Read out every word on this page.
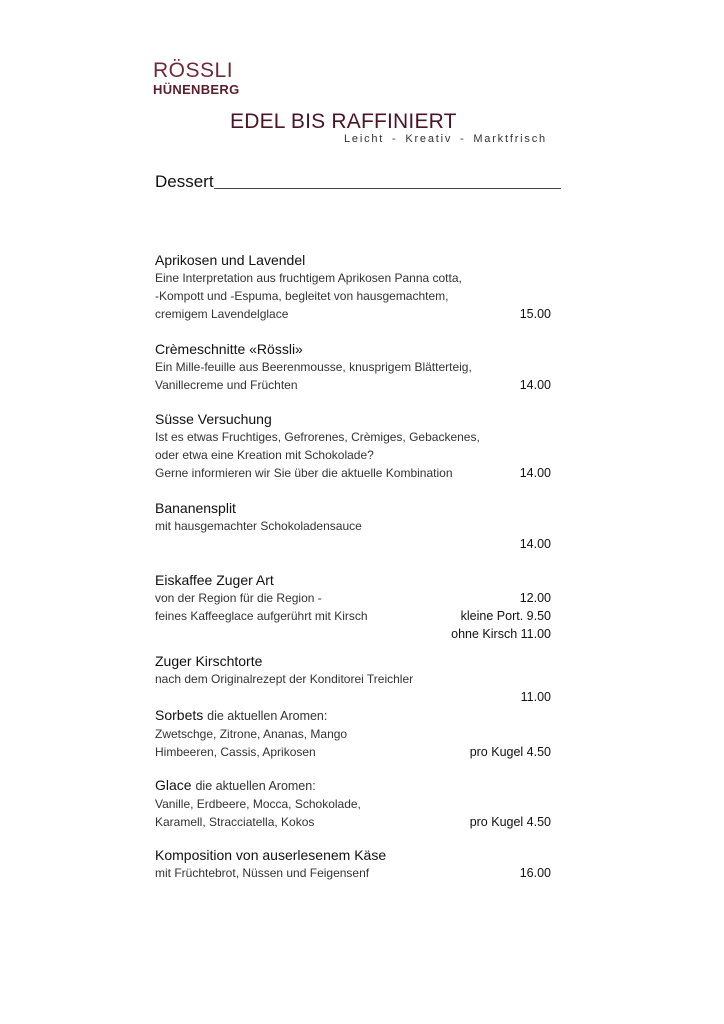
RÖSSLI
HÜNENBERG
EDEL BIS RAFFINIERT
Leicht - Kreativ - Marktfrisch
Dessert
Aprikosen und Lavendel
Eine Interpretation aus fruchtigem Aprikosen Panna cotta,
-Kompott und -Espuma, begleitet von hausgemachtem,
cremigem Lavendelglace	15.00
Crèmeschnitte «Rössli»
Ein Mille-feuille aus Beerenmousse, knusprigem Blätterteig,
Vanillecreme und Früchten	14.00
Süsse Versuchung
Ist es etwas Fruchtiges, Gefrorenes, Crèmiges, Gebackenes,
oder etwa eine Kreation mit Schokolade?
Gerne informieren wir Sie über die aktuelle Kombination	14.00
Bananensplit
mit hausgemachter Schokoladensauce
14.00
Eiskaffee Zuger Art
von der Region für die Region -	12.00
feines Kaffeeglace aufgerührt mit Kirsch	kleine Port. 9.50
ohne Kirsch 11.00
Zuger Kirschtorte
nach dem Originalrezept der Konditorei Treichler
11.00
Sorbets die aktuellen Aromen:
Zwetschge, Zitrone, Ananas, Mango
Himbeeren, Cassis, Aprikosen	pro Kugel 4.50
Glace die aktuellen Aromen:
Vanille, Erdbeere, Mocca, Schokolade,
Karamell, Stracciatella, Kokos	pro Kugel 4.50
Komposition von auserlesenem Käse
mit Früchtebrot, Nüssen und Feigensenf	16.00
